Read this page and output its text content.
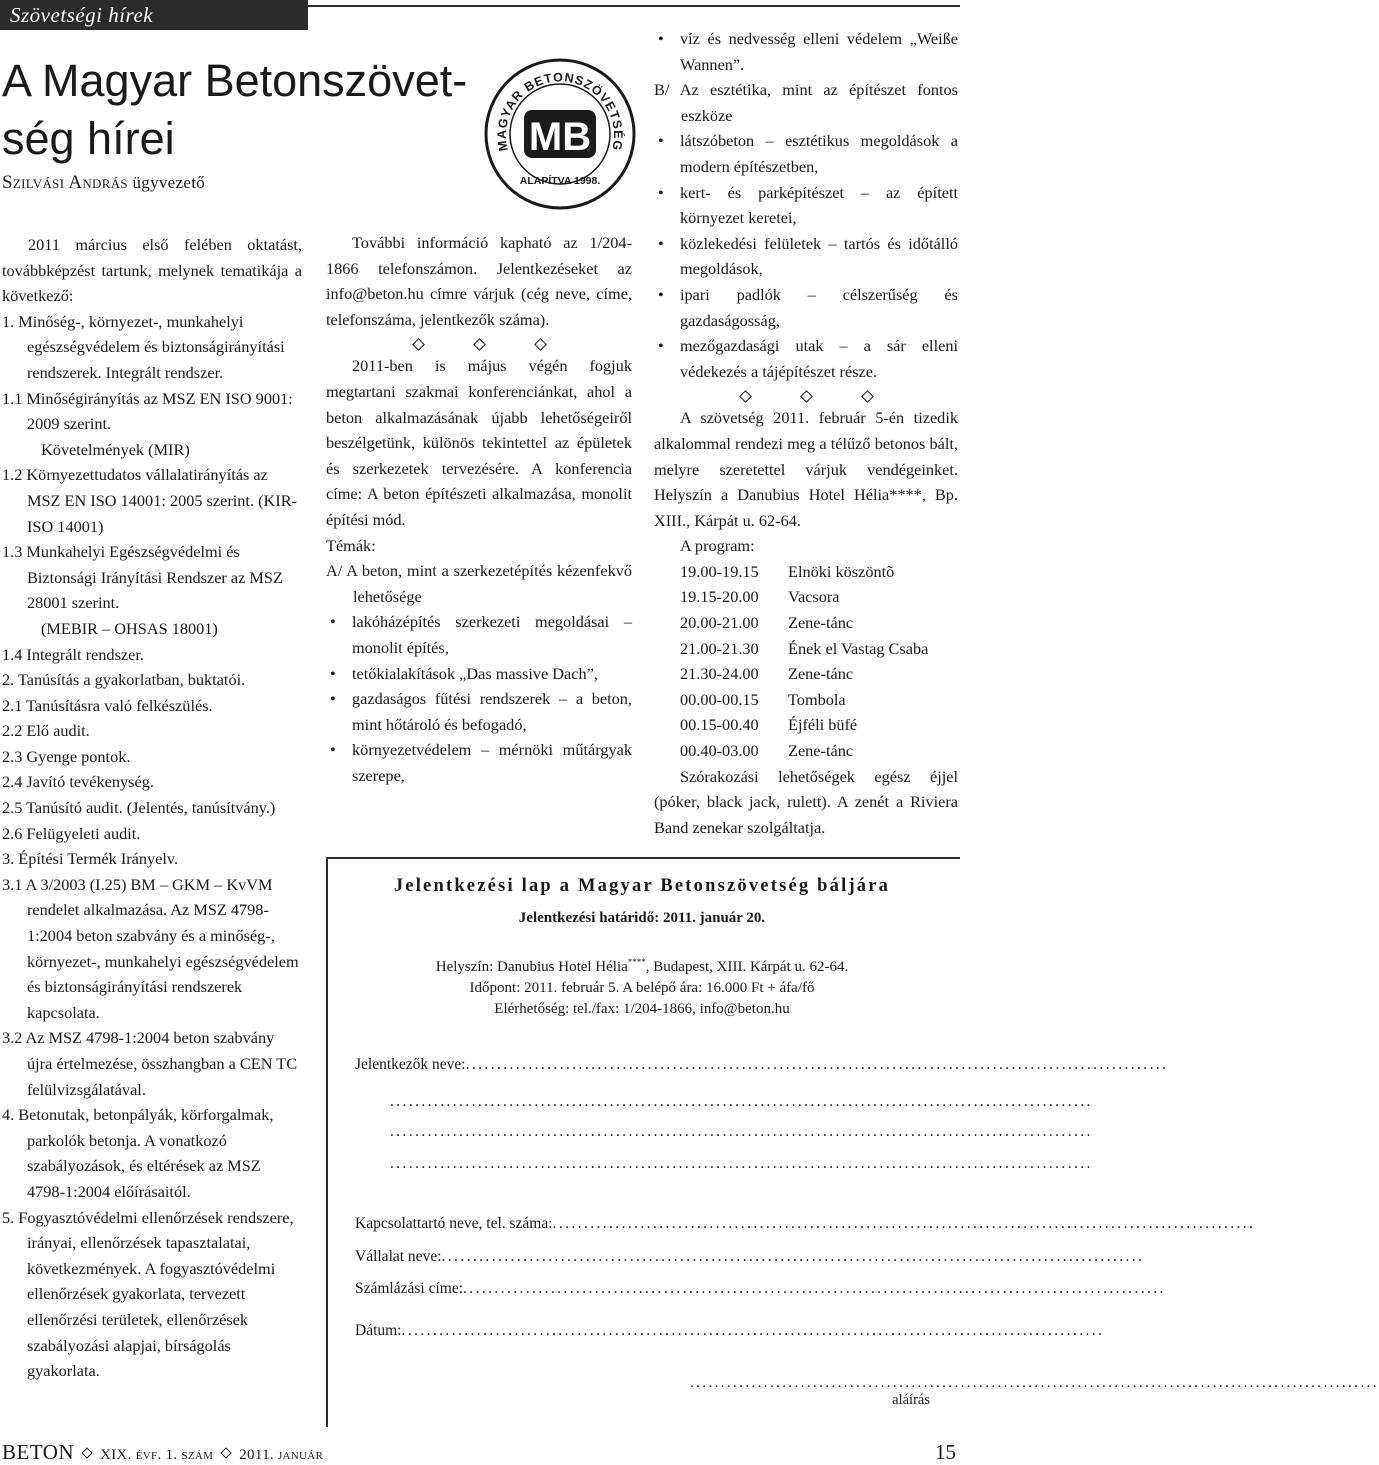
Szövetségi hírek
A Magyar Betonszövet-
ség hírei
Szilvási András ügyvezető
MAGYAR BETONSZÖVETSÉG
MB
ALAPÍTVA 1998.

2011 március első felében oktatást, továbbképzést tartunk, melynek tematikája a következő:

1. Minőség-, környezet-, munkahelyi egészségvédelem és biztonságirányítási rendszerek. Integrált rendszer.

1.1 Minőségirányítás az MSZ EN ISO 9001: 2009 szerint.

Követelmények (MIR)

1.2 Környezettudatos vállalatirányítás az MSZ EN ISO 14001: 2005 szerint. (KIR-ISO 14001)

1.3 Munkahelyi Egészségvédelmi és Biztonsági Irányítási Rendszer az MSZ 28001 szerint.

(MEBIR – OHSAS 18001)

1.4 Integrált rendszer.

2. Tanúsítás a gyakorlatban, buktatói.

2.1 Tanúsításra való felkészülés.

2.2 Elő audit.

2.3 Gyenge pontok.

2.4 Javító tevékenység.

2.5 Tanúsító audit. (Jelentés, tanúsítvány.)

2.6 Felügyeleti audit.

3. Építési Termék Irányelv.

3.1 A 3/2003 (I.25) BM – GKM – KvVM rendelet alkalmazása. Az MSZ 4798-1:2004 beton szabvány és a minőség-, környezet-, munkahelyi egészségvédelem és biztonságirányítási rendszerek kapcsolata.

3.2 Az MSZ 4798-1:2004 beton szabvány újra értelmezése, összhangban a CEN TC felülvizsgálatával.

4. Betonutak, betonpályák, körforgalmak, parkolók betonja. A vonatkozó szabályozások, és eltérések az MSZ 4798-1:2004 előírásaitól.

5. Fogyasztóvédelmi ellenőrzések rendszere, irányai, ellenőrzések tapasztalatai, következmények. A fogyasztóvédelmi ellenőrzések gyakorlata, tervezett ellenőrzési területek, ellenőrzések szabályozási alapjai, bírságolás gyakorlata.

További információ kapható az 1/204-1866 telefonszámon. Jelentkezéseket az info@beton.hu címre várjuk (cég neve, címe, telefonszáma, jelentkezők száma).

2011-ben is május végén fogjuk megtartani szakmai konferenciánkat, ahol a beton alkalmazásának újabb lehetőségeiről beszélgetünk, különös tekintettel az épületek és szerkezetek tervezésére. A konferencia címe: A beton építészeti alkalmazása, monolit építési mód.

Témák:

A/ A beton, mint a szerkezetépítés kézenfekvő lehetősége

• lakóházépítés szerkezeti megoldásai – monolit építés,

• tetőkialakítások „Das massive Dach”,

• gazdaságos fűtési rendszerek – a beton, mint hőtároló és befogadó,

• környezetvédelem – mérnöki műtárgyak szerepe,

• víz és nedvesség elleni védelem „Weiße Wannen”.

B/ Az esztétika, mint az építészet fontos eszköze

• látszóbeton – esztétikus megoldások a modern építészetben,

• kert- és parképítészet – az épített környezet keretei,

• közlekedési felületek – tartós és időtálló megoldások,

• ipari padlók – célszerűség és gazdaságosság,

• mezőgazdasági utak – a sár elleni védekezés a tájépítészet része.

A szövetség 2011. február 5-én tizedik alkalommal rendezi meg a télűző betonos bált, melyre szeretettel várjuk vendégeinket. Helyszín a Danubius Hotel Hélia****, Bp. XIII., Kárpát u. 62-64.

A program:

19.00-19.15	Elnöki köszöntõ
19.15-20.00	Vacsora
20.00-21.00	Zene-tánc
21.00-21.30	Ének el Vastag Csaba
21.30-24.00	Zene-tánc
00.00-00.15	Tombola
00.15-00.40	Éjféli büfé
00.40-03.00	Zene-tánc

Szórakozási lehetőségek egész éjjel (póker, black jack, rulett). A zenét a Riviera Band zenekar szolgáltatja.

Jelentkezési lap a Magyar Betonszövetség báljára
Jelentkezési határidő: 2011. január 20.
Helyszín: Danubius Hotel Hélia****, Budapest, XIII. Kárpát u. 62-64.
Időpont: 2011. február 5. A belépő ára: 16.000 Ft + áfa/fő
Elérhetőség: tel./fax: 1/204-1866, info@beton.hu
Jelentkezők neve:................................................................................................................
................................................................................................................
................................................................................................................
................................................................................................................
Kapcsolattartó neve, tel. száma:................................................................................................................
Vállalat neve:................................................................................................................
Számlázási címe:................................................................................................................
Dátum:................................................................................................................
................................................................................................................
aláírás
BETON XIX. évf. 1. szám 2011. január	15
